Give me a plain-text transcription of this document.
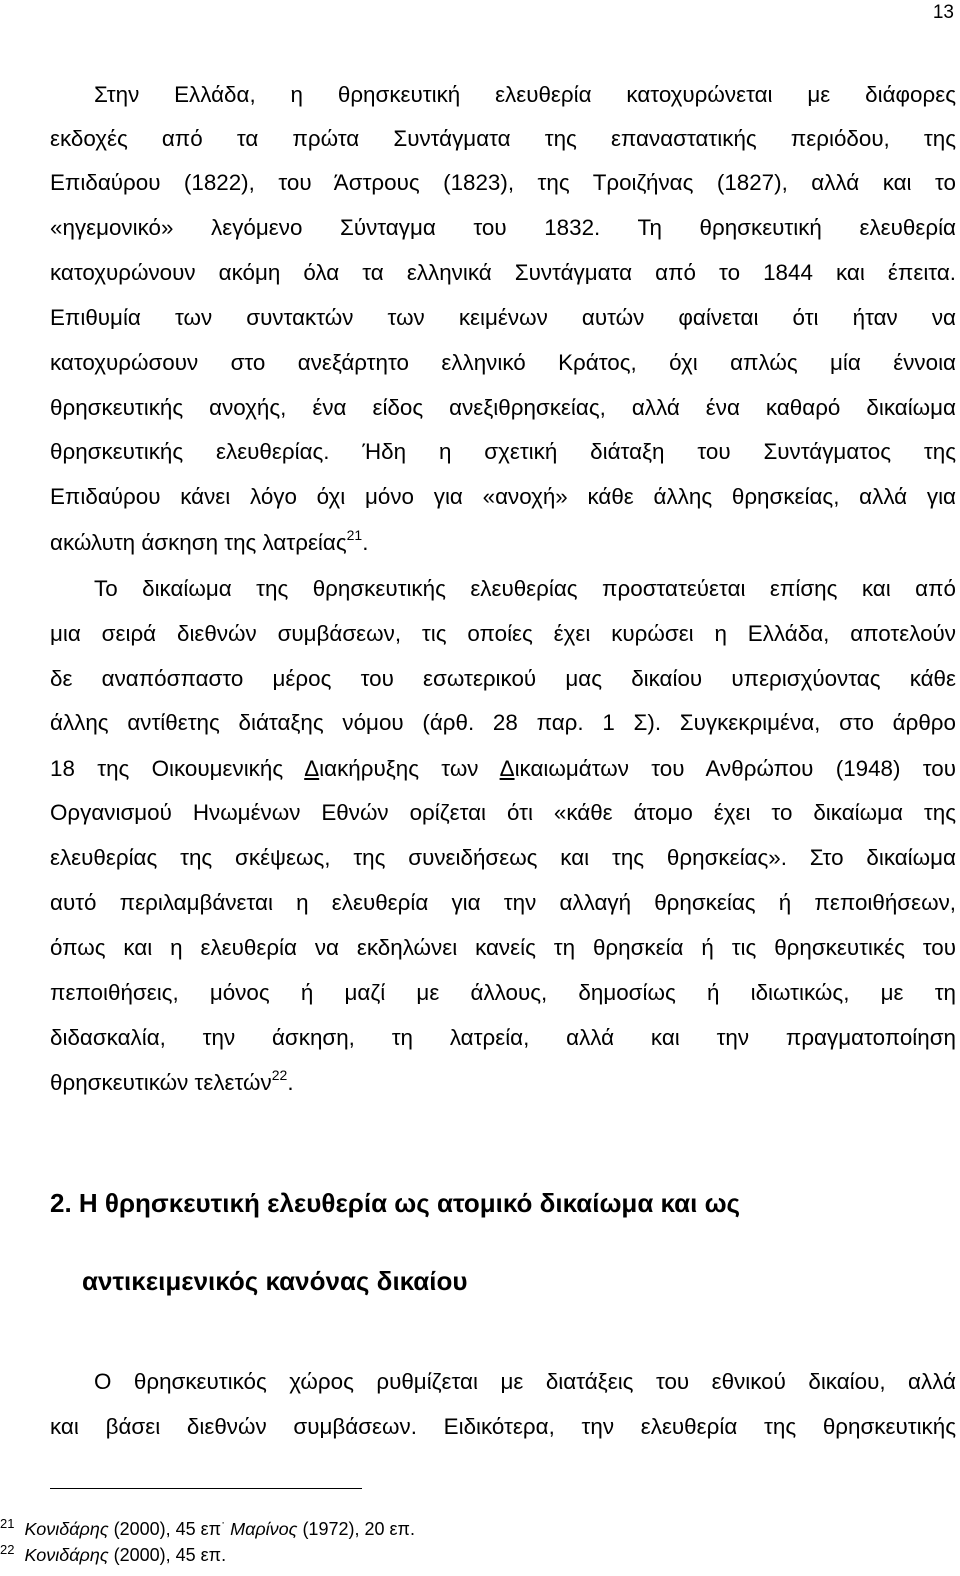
13
Στην Ελλάδα, η θρησκευτική ελευθερία κατοχυρώνεται με διάφορες
εκδοχές από τα πρώτα Συντάγματα της επαναστατικής περιόδου, της
Επιδαύρου (1822), του Άστρους (1823), της Τροιζήνας (1827), αλλά και το
«ηγεμονικό» λεγόμενο Σύνταγμα του 1832. Τη θρησκευτική ελευθερία
κατοχυρώνουν ακόμη όλα τα ελληνικά Συντάγματα από το 1844 και έπειτα.
Επιθυμία των συντακτών των κειμένων αυτών φαίνεται ότι ήταν να
κατοχυρώσουν στο ανεξάρτητο ελληνικό Κράτος, όχι απλώς μία έννοια
θρησκευτικής ανοχής, ένα είδος ανεξιθρησκείας, αλλά ένα καθαρό δικαίωμα
θρησκευτικής ελευθερίας. Ήδη η σχετική διάταξη του Συντάγματος της
Επιδαύρου κάνει λόγο όχι μόνο για «ανοχή» κάθε άλλης θρησκείας, αλλά για
ακώλυτη άσκηση της λατρείας$^{21}$.
Το δικαίωμα της θρησκευτικής ελευθερίας προστατεύεται επίσης και από
μια σειρά διεθνών συμβάσεων, τις οποίες έχει κυρώσει η Ελλάδα, αποτελούν
δε αναπόσπαστο μέρος του εσωτερικού μας δικαίου υπερισχύοντας κάθε
άλλης αντίθετης διάταξης νόμου (άρθ. 28 παρ. 1 Σ). Συγκεκριμένα, στο άρθρο
18 της Οικουμενικής Διακήρυξης των Δικαιωμάτων του Ανθρώπου (1948) του
Οργανισμού Ηνωμένων Εθνών ορίζεται ότι «κάθε άτομο έχει το δικαίωμα της
ελευθερίας της σκέψεως, της συνειδήσεως και της θρησκείας». Στο δικαίωμα
αυτό περιλαμβάνεται η ελευθερία για την αλλαγή θρησκείας ή πεποιθήσεων,
όπως και η ελευθερία να εκδηλώνει κανείς τη θρησκεία ή τις θρησκευτικές του
πεποιθήσεις, μόνος ή μαζί με άλλους, δημοσίως ή ιδιωτικώς, με τη
διδασκαλία, την άσκηση, τη λατρεία, αλλά και την πραγματοποίηση
θρησκευτικών τελετών$^{22}$.
2. Η θρησκευτική ελευθερία ως ατομικό δικαίωμα και ως
αντικειμενικός κανόνας δικαίου
Ο θρησκευτικός χώρος ρυθμίζεται με διατάξεις του εθνικού δικαίου, αλλά
και βάσει διεθνών συμβάσεων. Ειδικότερα, την ελευθερία της θρησκευτικής
$^{21}$ Κονιδάρης (2000), 45 επ· Μαρίνος (1972), 20 επ.
$^{22}$ Κονιδάρης (2000), 45 επ.
